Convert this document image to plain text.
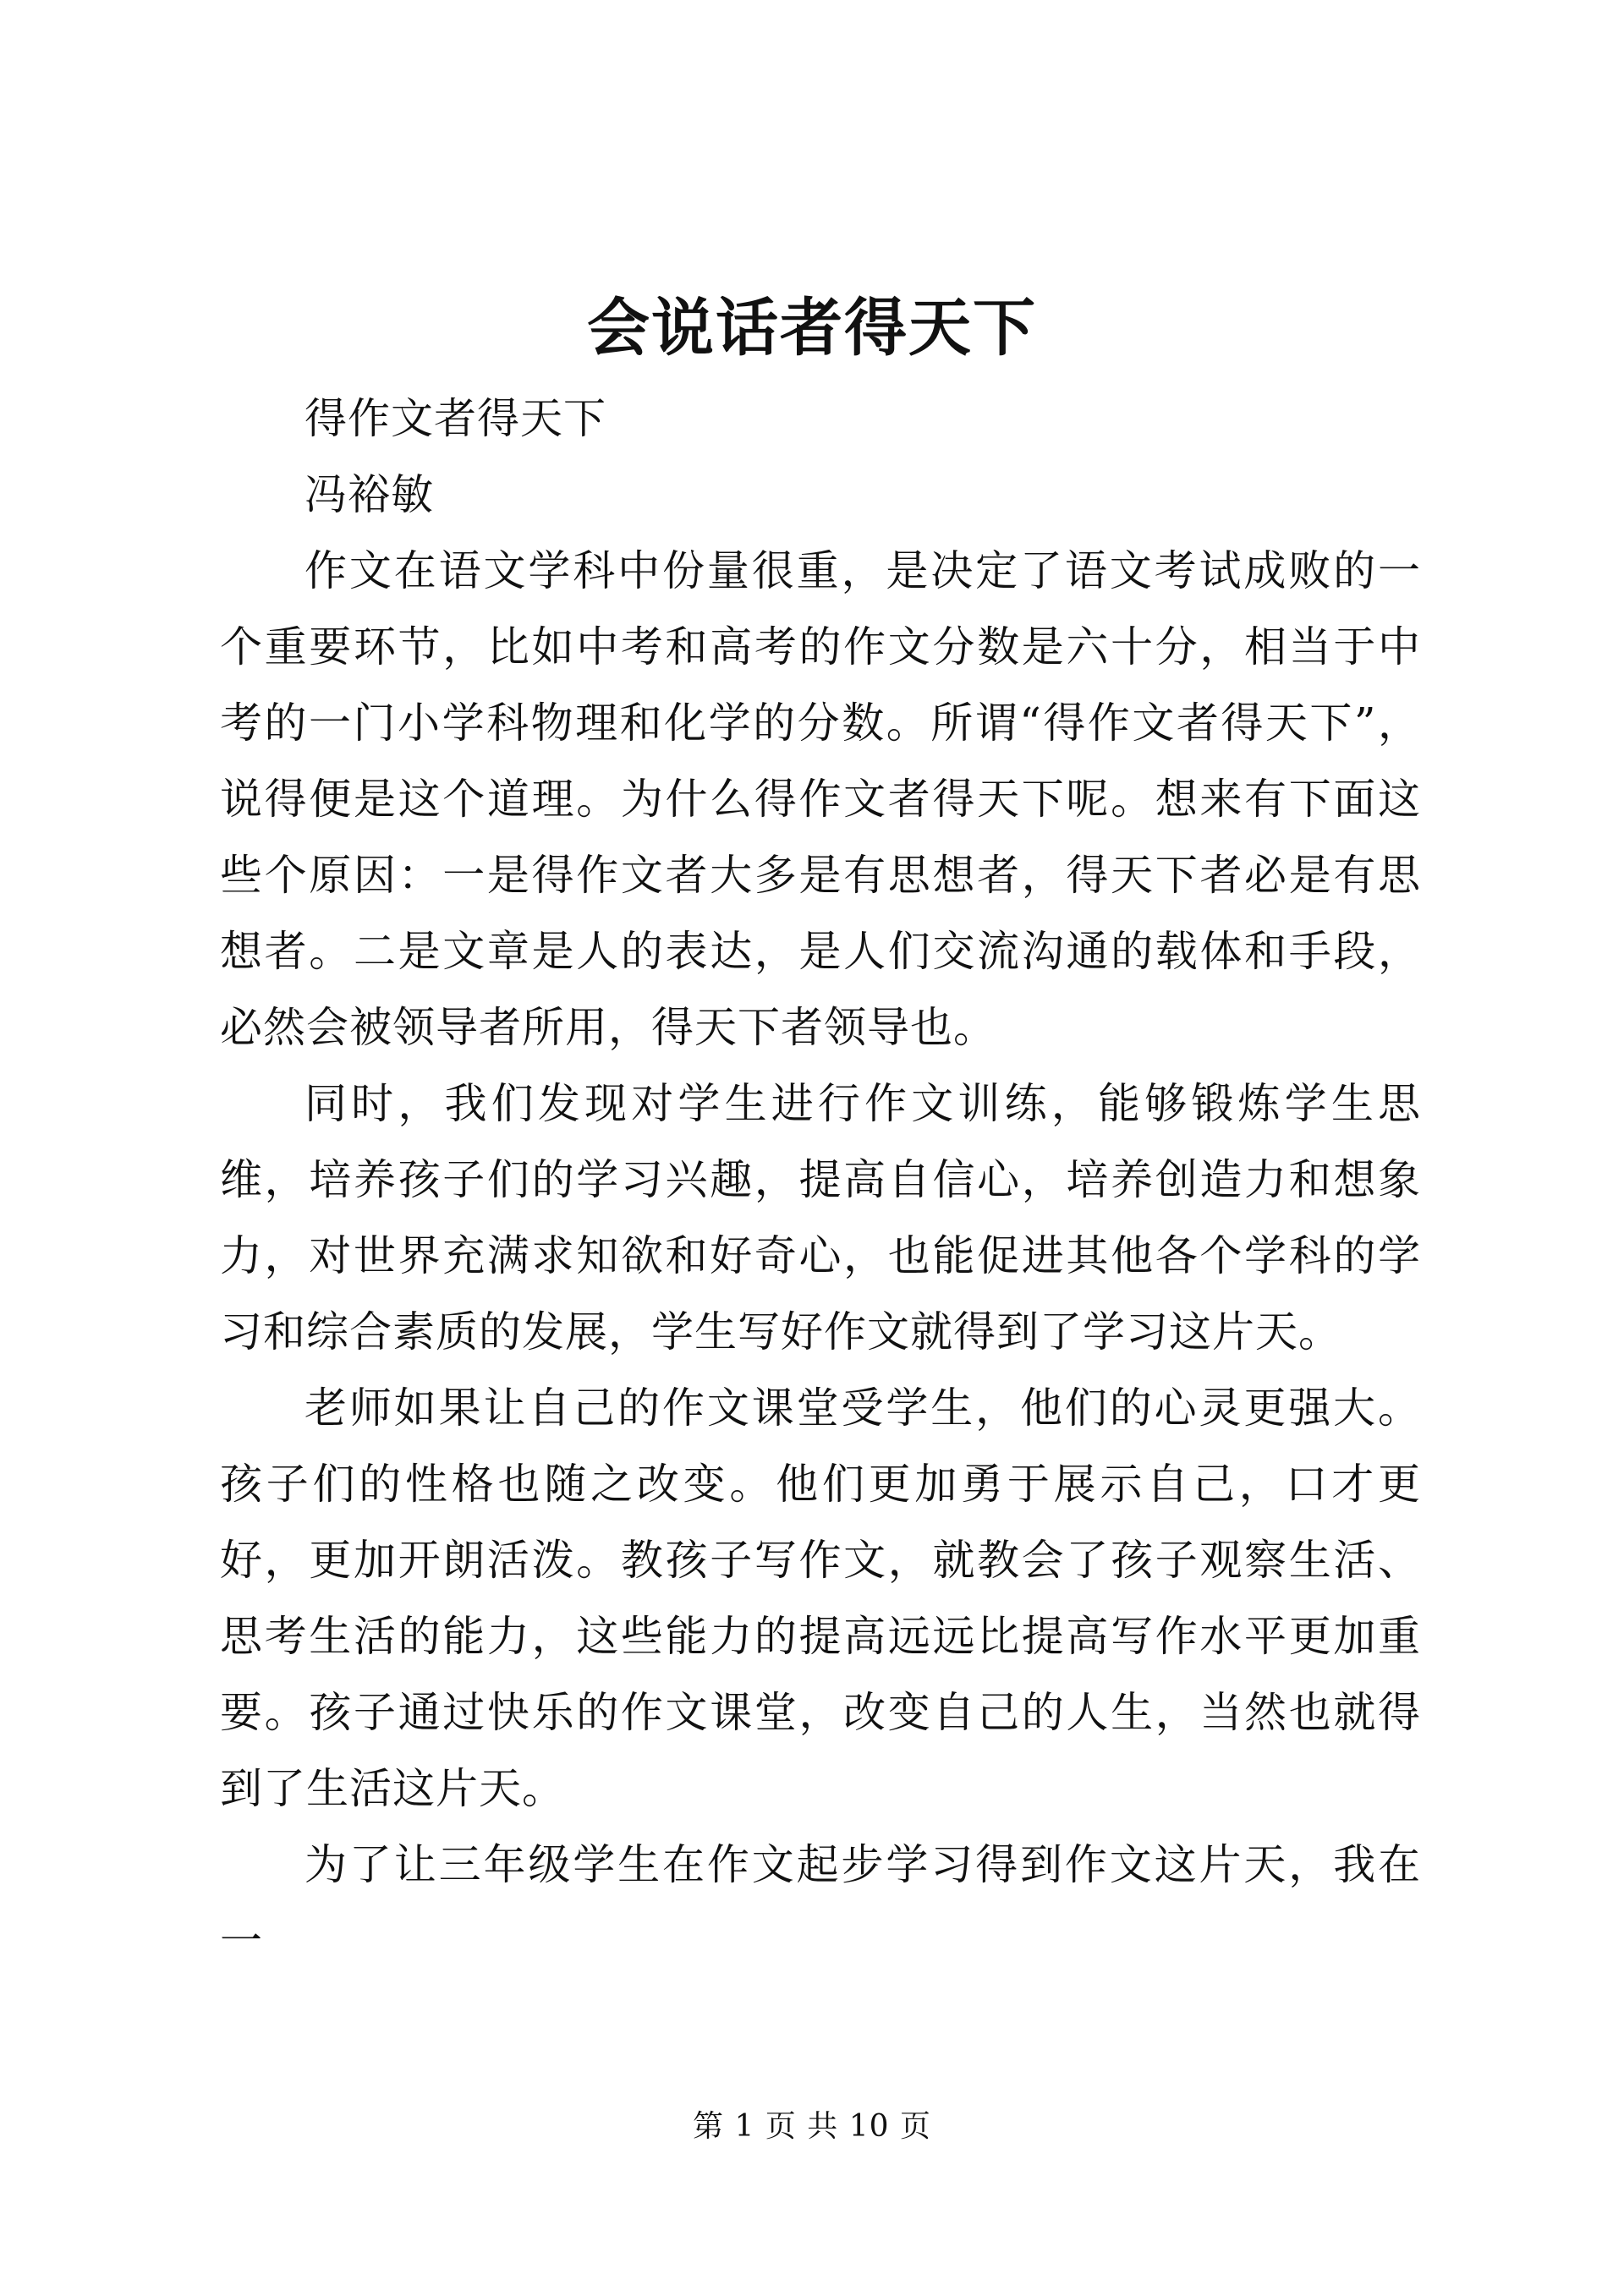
会说话者得天下

得作文者得天下

冯裕敏

作文在语文学科中份量很重，是决定了语文考试成败的一个重要环节，比如中考和高考的作文分数是六十分，相当于中考的一门小学科物理和化学的分数。所谓“得作文者得天下”，说得便是这个道理。为什么得作文者得天下呢。想来有下面这些个原因：一是得作文者大多是有思想者，得天下者必是有思想者。二是文章是人的表达，是人们交流沟通的载体和手段，必然会被领导者所用，得天下者领导也。

同时，我们发现对学生进行作文训练，能够锻炼学生思维，培养孩子们的学习兴趣，提高自信心，培养创造力和想象力，对世界充满求知欲和好奇心，也能促进其他各个学科的学习和综合素质的发展，学生写好作文就得到了学习这片天。

老师如果让自己的作文课堂受学生，他们的心灵更强大。孩子们的性格也随之改变。他们更加勇于展示自己，口才更好，更加开朗活泼。教孩子写作文，就教会了孩子观察生活、思考生活的能力，这些能力的提高远远比提高写作水平更加重要。孩子通过快乐的作文课堂，改变自己的人生，当然也就得到了生活这片天。

为了让三年级学生在作文起步学习得到作文这片天，我在一

第 1 页 共 10 页
